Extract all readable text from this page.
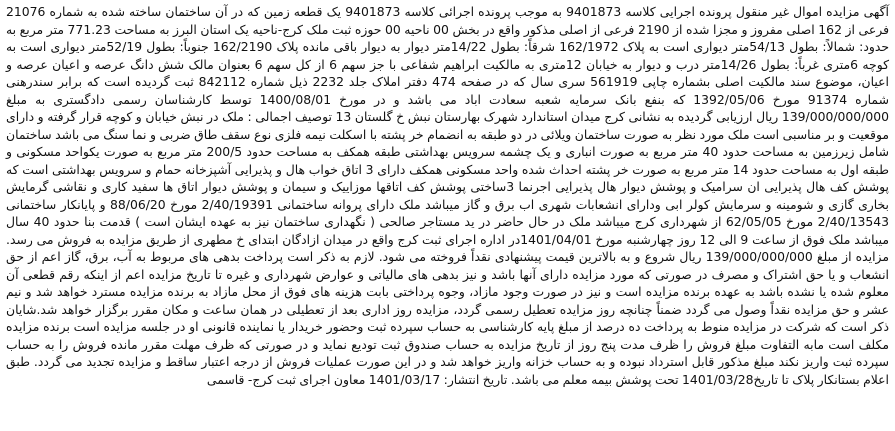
آگهی مزایده اموال غیر منقول پرونده اجرایی کلاسه 9401873 به موجب پرونده اجرائی کلاسه 9401873 یک قطعه زمین که در آن ساختمان ساخته شده به شماره 21076 فرعی از 162 اصلی مفروز و مجزا شده از 2190 فرعی از اصلی مذکور واقع در بخش 00 ناحیه 00 حوزه ثبت ملک کرج-ناحیه یک استان البرز به مساحت 771.23 متر مربع به حدود: شمالاً: بطول 54/13متر دیواری است به پلاک 162/1972 شرقاً: بطول 14/22متر دیوار به دیوار باقی مانده پلاک 162/2190 جنوباً: بطول 52/19متر دیواری است به کوچه 6متری غرباً: بطول 14/26متر درب و دیوار به خیابان 12متری به مالکیت ابراهیم شفاعی با جز سهم 6 از کل سهم 6 بعنوان مالک شش دانگ عرصه و اعیان عرصه و اعیان، موضوع سند مالکیت اصلی بشماره چاپی 561919 سری سال که در صفحه 474 دفتر املاک جلد 2232 ذیل شماره 842112 ثبت گردیده است که برابر سندرهنی شماره 91374 مورخ 1392/05/06 که بنفع بانک سرمایه شعبه سعادت اباد می باشد و در مورخ 1400/08/01 توسط کارشناسان رسمی دادگستری به مبلغ 139/000/000/000 ریال ارزیابی گردیده به نشانی کرج میدان استاندارد شهرک بهارستان نبش خ گلستان 13 توصیف اجمالی : ملک در نبش خیابان و کوچه قرار گرفته و دارای موقعیت و بر مناسبی است ملک مورد نظر به صورت ساختمان ویلائی در دو طبقه به انضمام خر پشته با اسکلت نیمه فلزی نوع سقف طاق ضربی و نما سنگ می باشد ساختمان شامل زیرزمین به مساحت حدود 40 متر مربع به صورت انباری و یک چشمه سرویس بهداشتی طبقه همکف به مساحت حدود 200/5 متر مربع به صورت یکواحد مسکونی و طبقه اول به مساحت حدود 14 متر مربع به صورت خر پشته احداث شده واحد مسکونی همکف دارای 3 اتاق خواب هال و پذیرایی آشپزخانه حمام و سرویس بهداشتی است که پوشش کف هال پذیرایی ان سرامیک و پوشش دیوار هال پذیرایی اجرنما 3ساختی پوشش کف اتاقها موزاییک و سیمان و پوشش دیوار اتاق ها سفید کاری و نقاشی گرمایش بخاری گازی و شومینه و سرمایش کولر ابی ودارای انشعابات شهری اب برق و گاز میباشد ملک دارای پروانه ساختمانی 2/40/19391 مورخ 88/06/20 و پایانکار ساختمانی 2/40/13543 مورخ 62/05/05 از شهرداری کرج میباشد ملک در حال حاضر در ید مستاجر صالحی ( نگهداری ساختمان نیز به عهده ایشان است ) قدمت بنا حدود 40 سال میباشد ملک فوق از ساعت 9 الی 12 روز چهارشنبه مورخ 1401/04/01در اداره اجرای ثبت کرج واقع در میدان ازادگان ابتدای خ مطهری از طریق مزایده به فروش می رسد. مزایده از مبلغ 139/000/000/000 ریال شروع و به بالاترین قیمت پیشنهادی نقداً فروخته می شود. لازم به ذکر است پرداخت بدهی های مربوط به آب، برق، گاز اعم از حق انشعاب و یا حق اشتراک و مصرف در صورتی که مورد مزایده دارای آنها باشد و نیز بدهی های مالیاتی و عوارض شهرداری و غیره تا تاریخ مزایده اعم از اینکه رقم قطعی آن معلوم شده یا نشده باشد به عهده برنده مزایده است و نیز در صورت وجود مازاد، وجوه پرداختی بابت هزینه های فوق از محل مازاد به برنده مزایده مسترد خواهد شد و نیم عشر و حق مزایده نقداً وصول می گردد ضمناً چنانچه روز مزایده تعطیل رسمی گردد، مزایده روز اداری بعد از تعطیلی در همان ساعت و مکان مقرر برگزار خواهد شد.شایان ذکر است که شرکت در مزایده منوط به پرداخت ده درصد از مبلغ پایه کارشناسی به حساب سپرده ثبت وحضور خریدار یا نماینده قانونی او در جلسه مزایده است برنده مزایده مکلف است مابه التفاوت مبلغ فروش را ظرف مدت پنج روز از تاریخ مزایده به حساب صندوق ثبت تودیع نماید و در صورتی که ظرف مهلت مقرر مانده فروش را به حساب سپرده ثبت واریز نکند مبلغ مذکور قابل استرداد نبوده و به حساب خزانه واریز خواهد شد و در این صورت عملیات فروش از درجه اعتبار ساقط و مزایده تجدید می گردد. طبق اعلام بستانکار پلاک تا تاریخ1401/03/28 تحت پوشش بیمه معلم می باشد. تاریخ انتشار: 1401/03/17 معاون اجرای ثبت کرج- قاسمی
